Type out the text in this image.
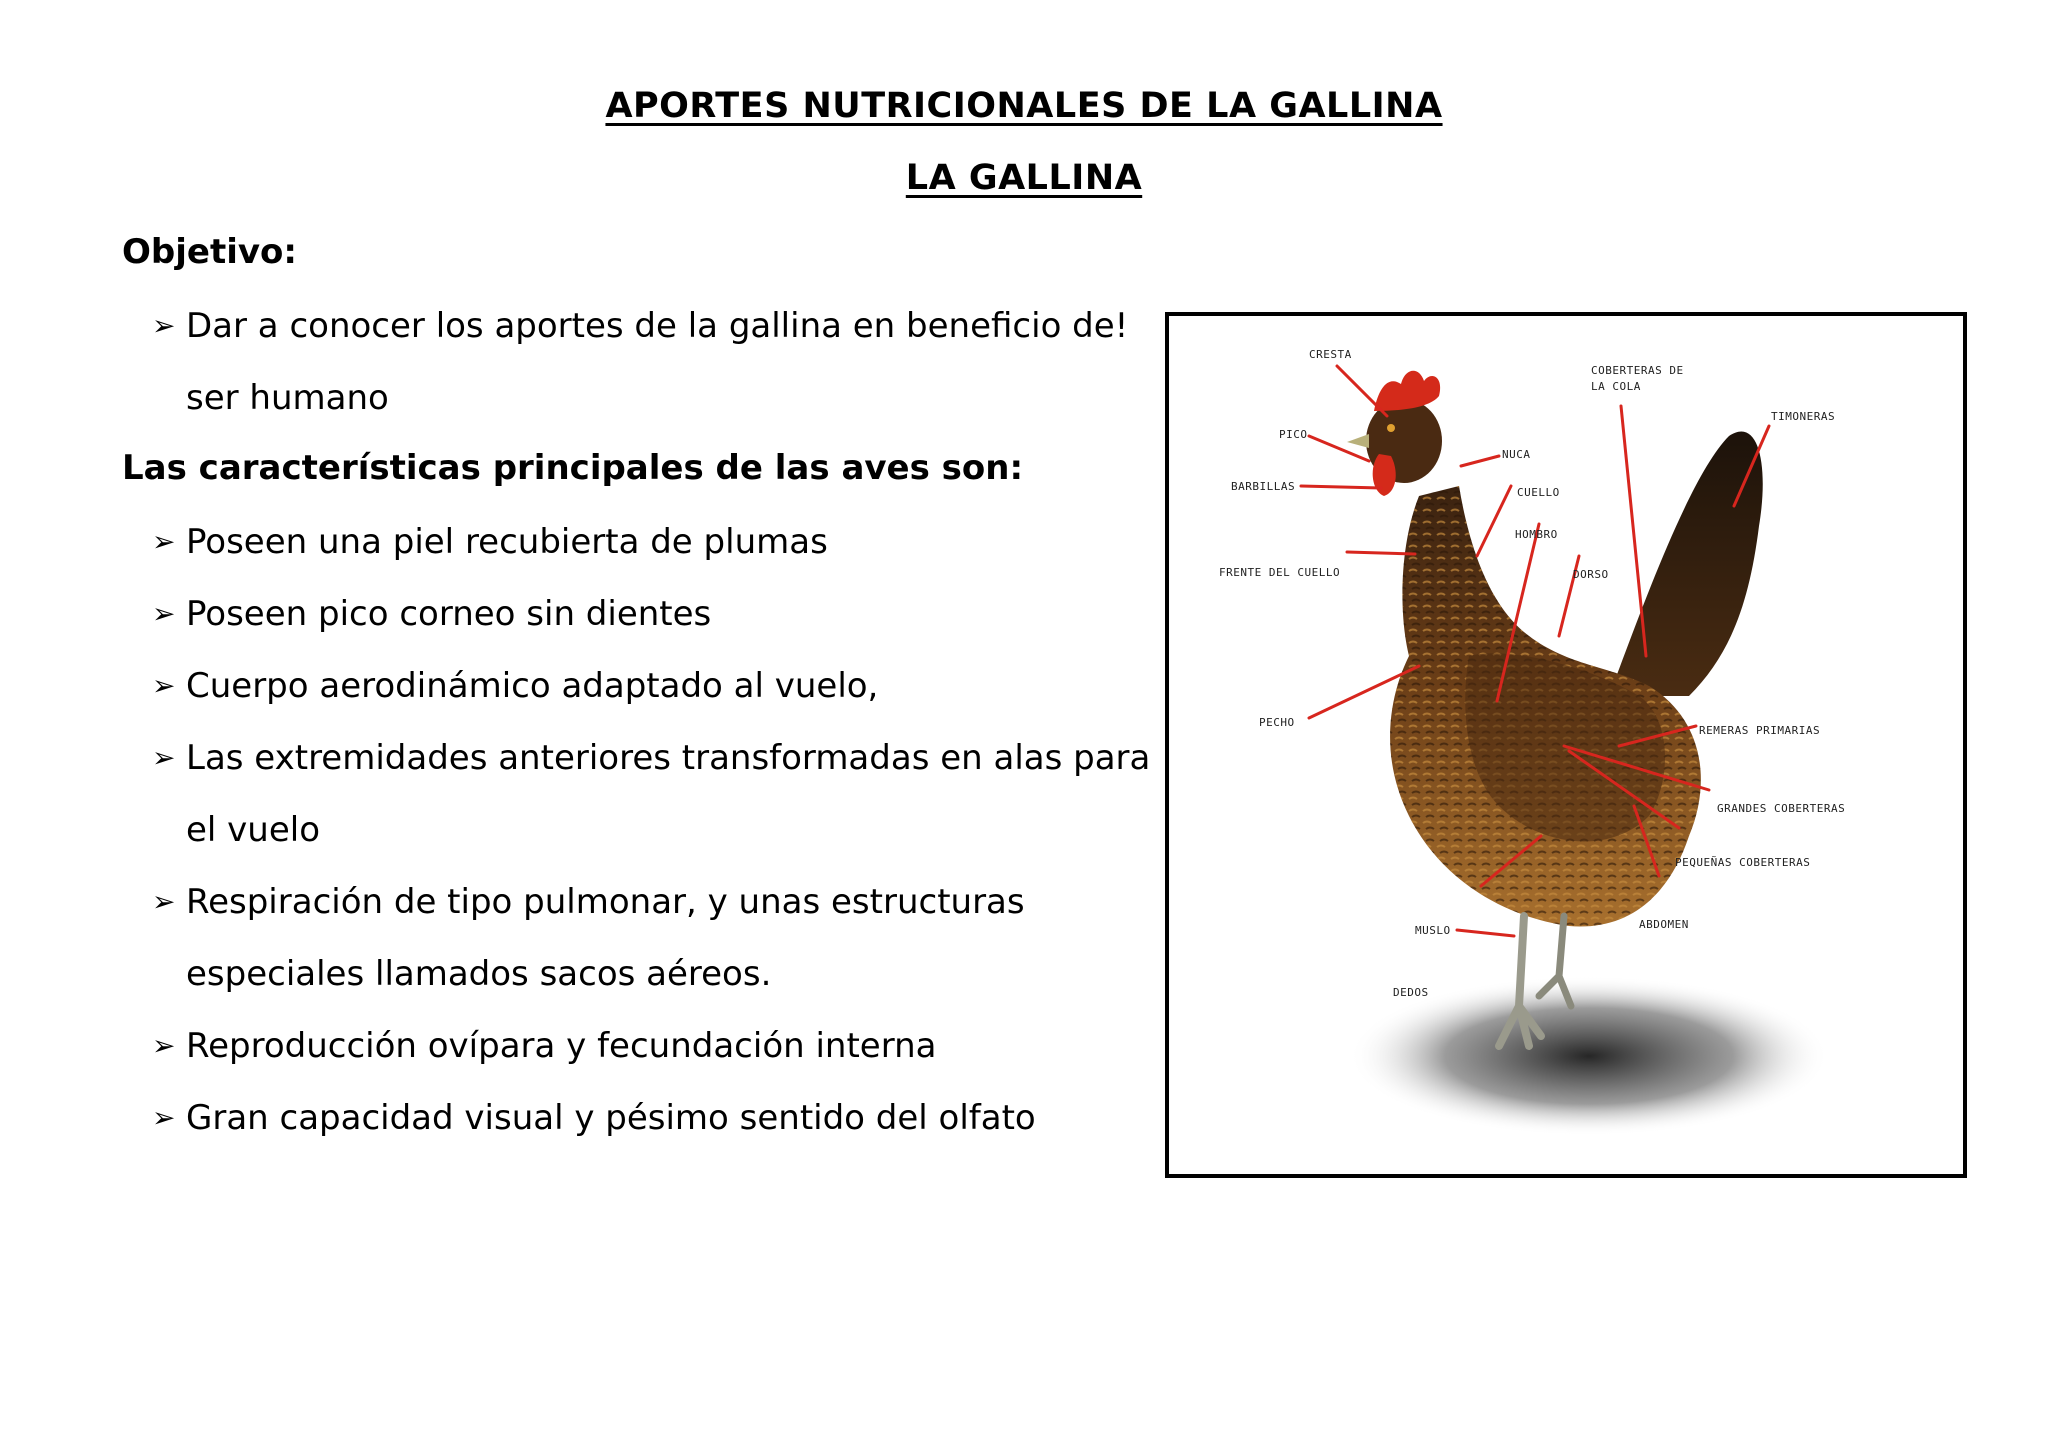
APORTES NUTRICIONALES DE LA GALLINA
LA GALLINA
Objetivo:
➢ Dar a conocer los aportes de la gallina en beneficio de! ser humano
Las características principales de las aves son:
➢ Poseen una piel recubierta de plumas
➢ Poseen pico corneo sin dientes
➢ Cuerpo aerodinámico adaptado al vuelo,
➢ Las extremidades anteriores transformadas en alas para el vuelo
➢ Respiración de tipo pulmonar, y unas estructuras especiales llamados sacos aéreos.
➢ Reproducción ovípara y fecundación interna
➢ Gran capacidad visual y pésimo sentido del olfato
CRESTA
COBERTERAS DE
LA COLA
TIMONERAS
PICO
NUCA
BARBILLAS	CUELLO
HOMBRO
DORSO
FRENTE DEL CUELLO
PECHO
REMERAS PRIMARIAS
GRANDES COBERTERAS
PEQUEÑAS COBERTERAS
ABDOMEN
MUSLO
DEDOS
